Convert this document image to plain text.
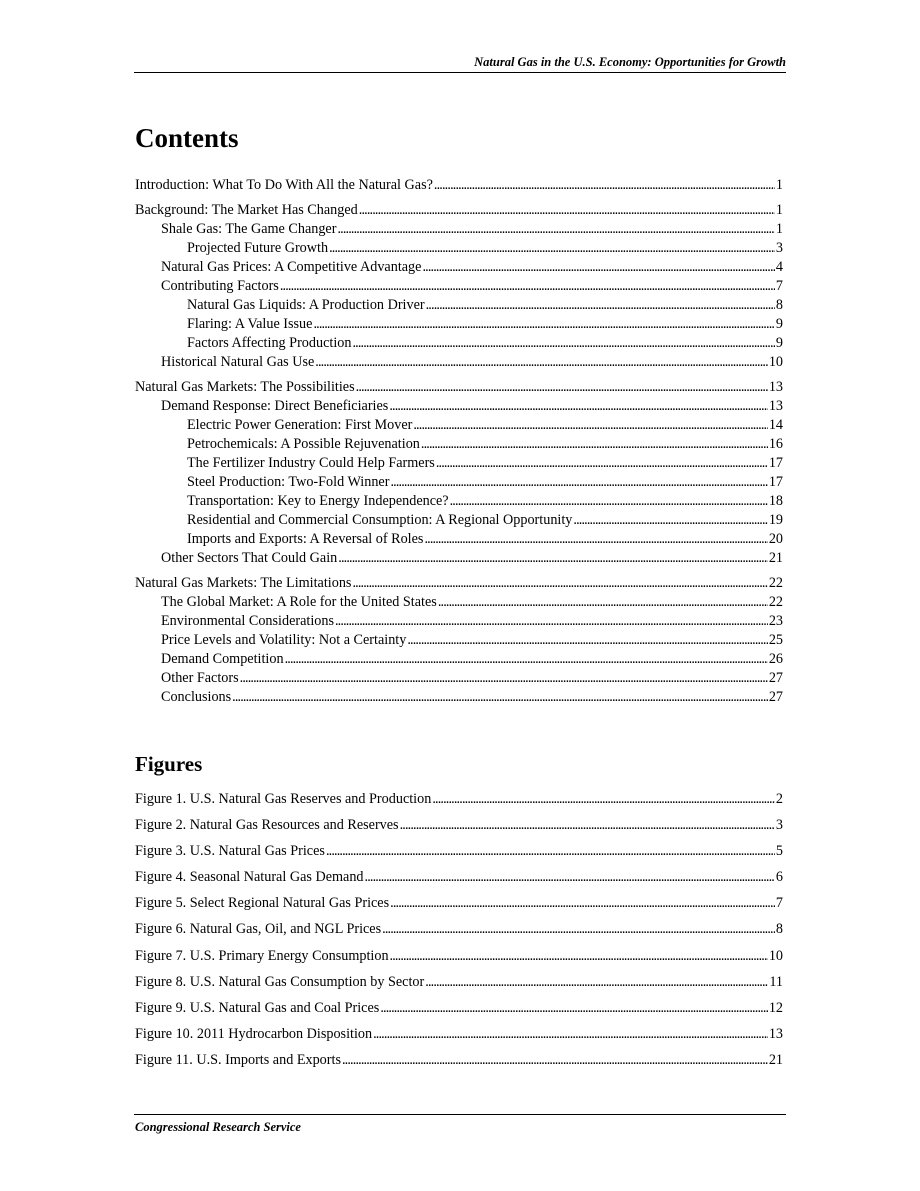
Natural Gas in the U.S. Economy: Opportunities for Growth
Contents
Introduction: What To Do With All the Natural Gas? . . .	1
Background: The Market Has Changed . . .	1
Shale Gas: The Game Changer . . .	1
Projected Future Growth . . .	3
Natural Gas Prices: A Competitive Advantage . . .	4
Contributing Factors . . .	7
Natural Gas Liquids: A Production Driver . . .	8
Flaring: A Value Issue . . .	9
Factors Affecting Production . . .	9
Historical Natural Gas Use . . .	10
Natural Gas Markets: The Possibilities . . .	13
Demand Response: Direct Beneficiaries . . .	13
Electric Power Generation: First Mover . . .	14
Petrochemicals: A Possible Rejuvenation . . .	16
The Fertilizer Industry Could Help Farmers . . .	17
Steel Production: Two-Fold Winner . . .	17
Transportation: Key to Energy Independence? . . .	18
Residential and Commercial Consumption: A Regional Opportunity . . .	19
Imports and Exports: A Reversal of Roles . . .	20
Other Sectors That Could Gain . . .	21
Natural Gas Markets: The Limitations . . .	22
The Global Market: A Role for the United States . . .	22
Environmental Considerations . . .	23
Price Levels and Volatility: Not a Certainty . . .	25
Demand Competition . . .	26
Other Factors . . .	27
Conclusions . . .	27
Figures
Figure 1. U.S. Natural Gas Reserves and Production . . .	2
Figure 2. Natural Gas Resources and Reserves . . .	3
Figure 3. U.S. Natural Gas Prices . . .	5
Figure 4. Seasonal Natural Gas Demand . . .	6
Figure 5. Select Regional Natural Gas Prices . . .	7
Figure 6. Natural Gas, Oil, and NGL Prices . . .	8
Figure 7. U.S. Primary Energy Consumption . . .	10
Figure 8. U.S. Natural Gas Consumption by Sector . . .	11
Figure 9. U.S. Natural Gas and Coal Prices . . .	12
Figure 10. 2011 Hydrocarbon Disposition . . .	13
Figure 11. U.S. Imports and Exports . . .	21
Congressional Research Service
